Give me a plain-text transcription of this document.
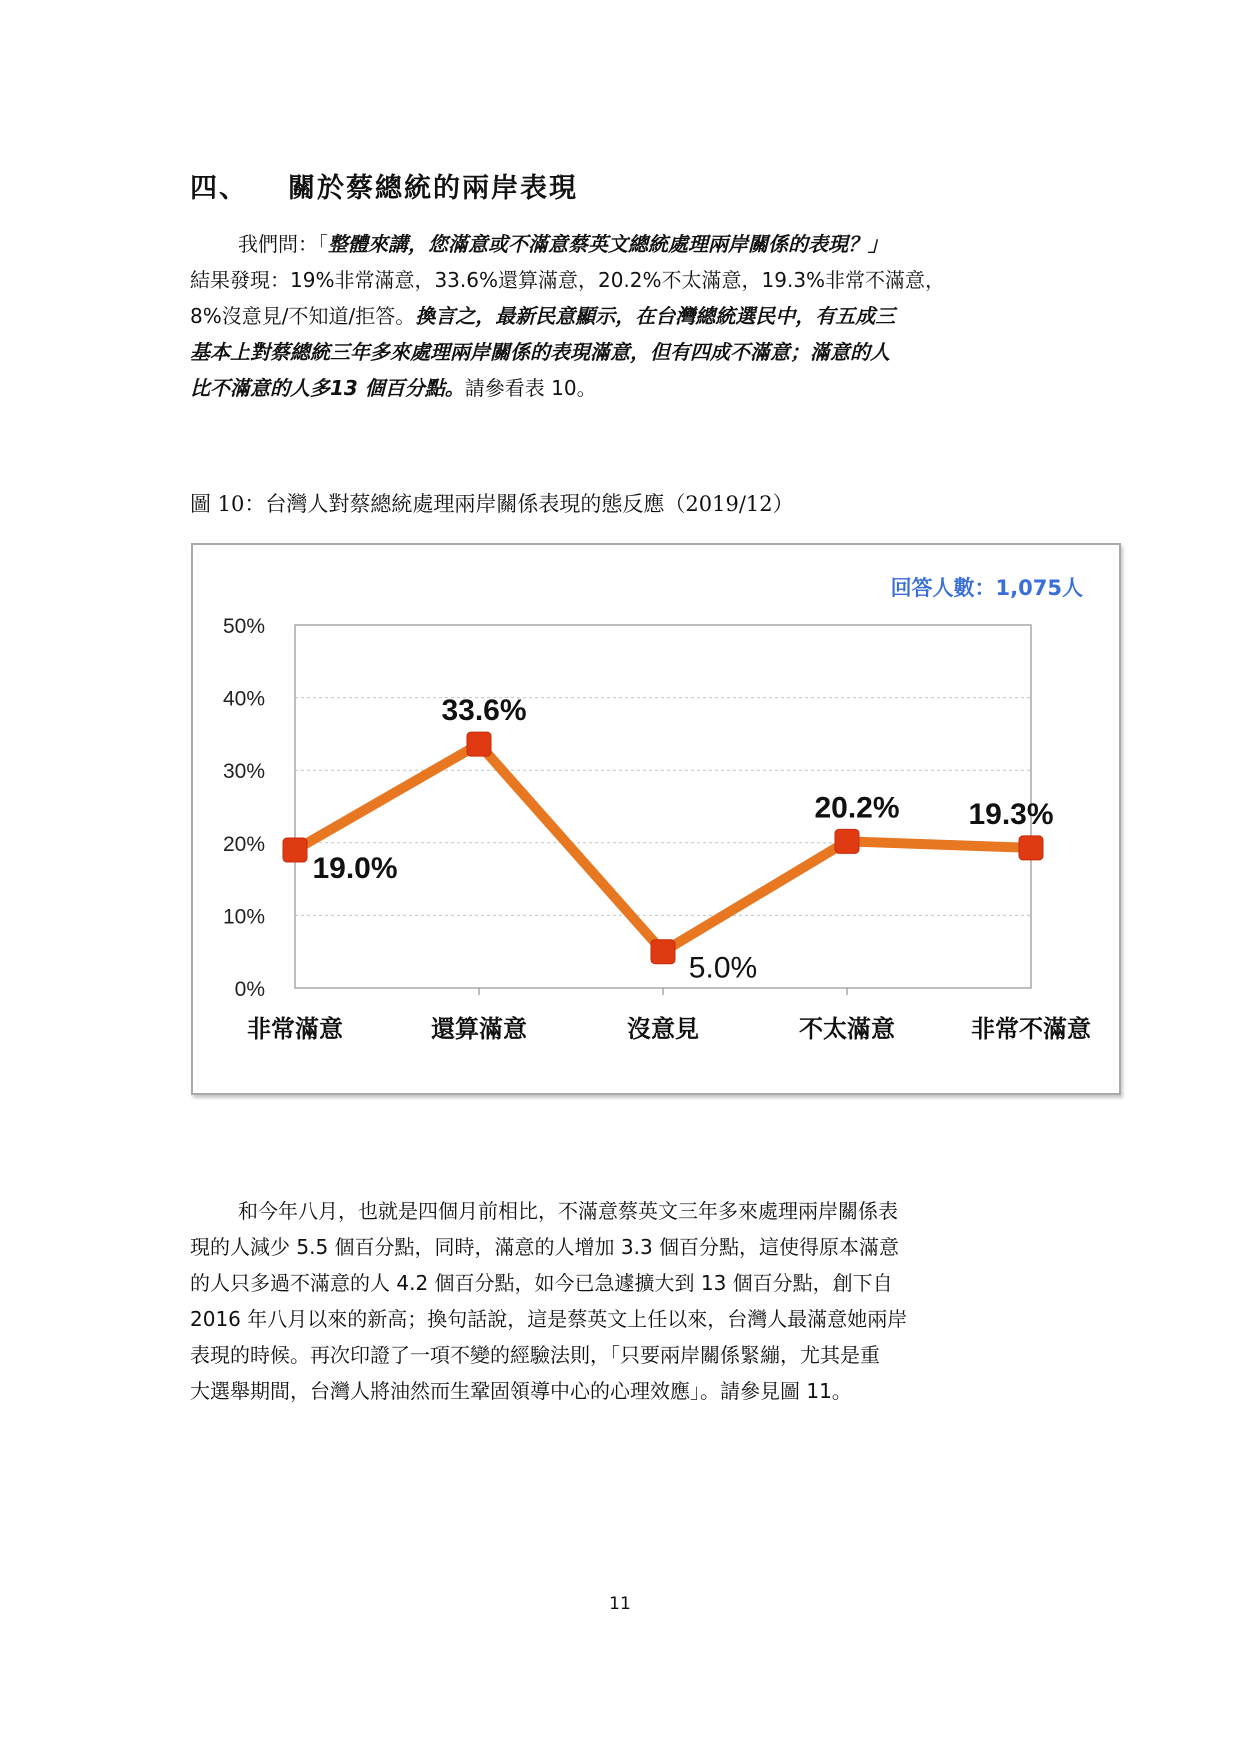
四、 關於蔡總統的兩岸表現
我們問：「整體來講，您滿意或不滿意蔡英文總統處理兩岸關係的表現？」
結果發現：19%非常滿意，33.6%還算滿意，20.2%不太滿意，19.3%非常不滿意，
8%沒意見/不知道/拒答。換言之，最新民意顯示，在台灣總統選民中，有五成三
基本上對蔡總統三年多來處理兩岸關係的表現滿意，但有四成不滿意；滿意的人
比不滿意的人多13 個百分點。請參看表 10。
圖 10：台灣人對蔡總統處理兩岸關係表現的態反應（2019/12）
0%
10%
20%
30%
40%
50%
非常滿意	還算滿意	沒意見	不太滿意	非常不滿意
19.0%
33.6%
5.0%
20.2% 19.3%
回答人數：1,075人
和今年八月，也就是四個月前相比，不滿意蔡英文三年多來處理兩岸關係表
現的人減少 5.5 個百分點，同時，滿意的人增加 3.3 個百分點，這使得原本滿意
的人只多過不滿意的人 4.2 個百分點，如今已急遽擴大到 13 個百分點，創下自
2016 年八月以來的新高；換句話說，這是蔡英文上任以來，台灣人最滿意她兩岸
表現的時候。再次印證了一項不變的經驗法則，「只要兩岸關係緊繃，尤其是重
大選舉期間，台灣人將油然而生鞏固領導中心的心理效應」。請參見圖 11。
11
